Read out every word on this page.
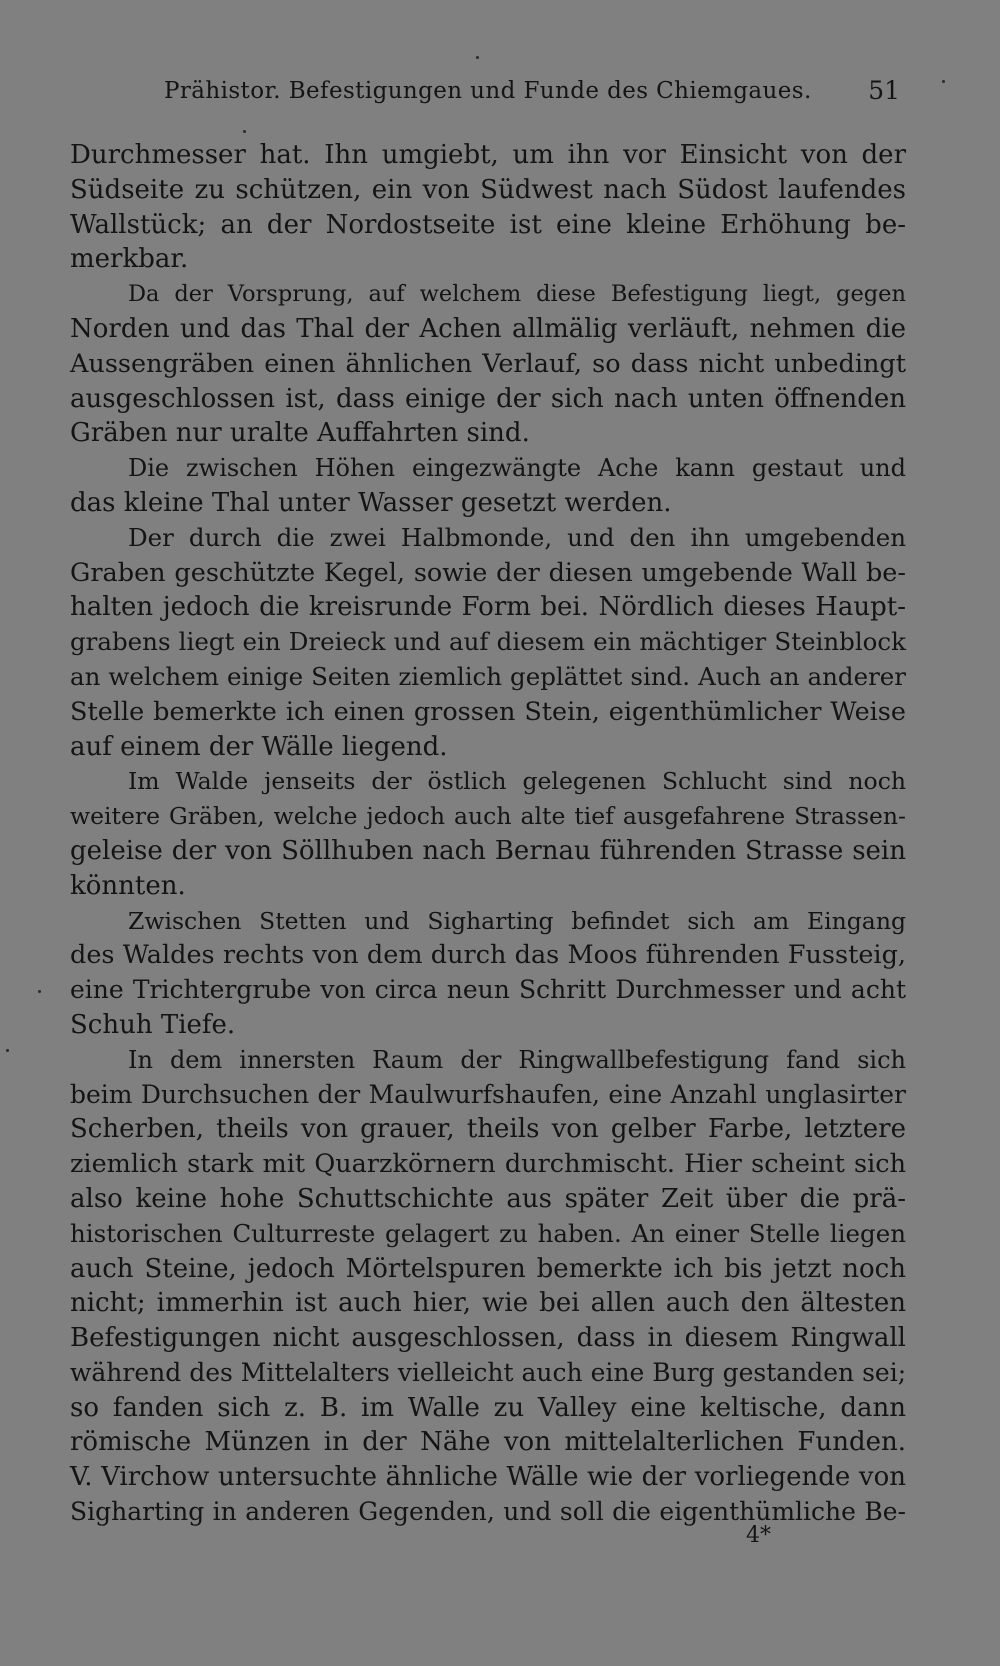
Prähistor. Befestigungen und Funde des Chiemgaues. 51
Durchmesser hat. Ihn umgiebt, um ihn vor Einsicht von der
Südseite zu schützen, ein von Südwest nach Südost laufendes
Wallstück; an der Nordostseite ist eine kleine Erhöhung be-
merkbar.
Da der Vorsprung, auf welchem diese Befestigung liegt, gegen
Norden und das Thal der Achen allmälig verläuft, nehmen die
Aussengräben einen ähnlichen Verlauf, so dass nicht unbedingt
ausgeschlossen ist, dass einige der sich nach unten öffnenden
Gräben nur uralte Auffahrten sind.
Die zwischen Höhen eingezwängte Ache kann gestaut und
das kleine Thal unter Wasser gesetzt werden.
Der durch die zwei Halbmonde, und den ihn umgebenden
Graben geschützte Kegel, sowie der diesen umgebende Wall be-
halten jedoch die kreisrunde Form bei. Nördlich dieses Haupt-
grabens liegt ein Dreieck und auf diesem ein mächtiger Steinblock
an welchem einige Seiten ziemlich geplättet sind. Auch an anderer
Stelle bemerkte ich einen grossen Stein, eigenthümlicher Weise
auf einem der Wälle liegend.
Im Walde jenseits der östlich gelegenen Schlucht sind noch
weitere Gräben, welche jedoch auch alte tief ausgefahrene Strassen-
geleise der von Söllhuben nach Bernau führenden Strasse sein
könnten.
Zwischen Stetten und Sigharting befindet sich am Eingang
des Waldes rechts von dem durch das Moos führenden Fussteig,
eine Trichtergrube von circa neun Schritt Durchmesser und acht
Schuh Tiefe.
In dem innersten Raum der Ringwallbefestigung fand sich
beim Durchsuchen der Maulwurfshaufen, eine Anzahl unglasirter
Scherben, theils von grauer, theils von gelber Farbe, letztere
ziemlich stark mit Quarzkörnern durchmischt. Hier scheint sich
also keine hohe Schuttschichte aus später Zeit über die prä-
historischen Culturreste gelagert zu haben. An einer Stelle liegen
auch Steine, jedoch Mörtelspuren bemerkte ich bis jetzt noch
nicht; immerhin ist auch hier, wie bei allen auch den ältesten
Befestigungen nicht ausgeschlossen, dass in diesem Ringwall
während des Mittelalters vielleicht auch eine Burg gestanden sei;
so fanden sich z. B. im Walle zu Valley eine keltische, dann
römische Münzen in der Nähe von mittelalterlichen Funden.
V. Virchow untersuchte ähnliche Wälle wie der vorliegende von
Sigharting in anderen Gegenden, und soll die eigenthümliche Be-
4*
